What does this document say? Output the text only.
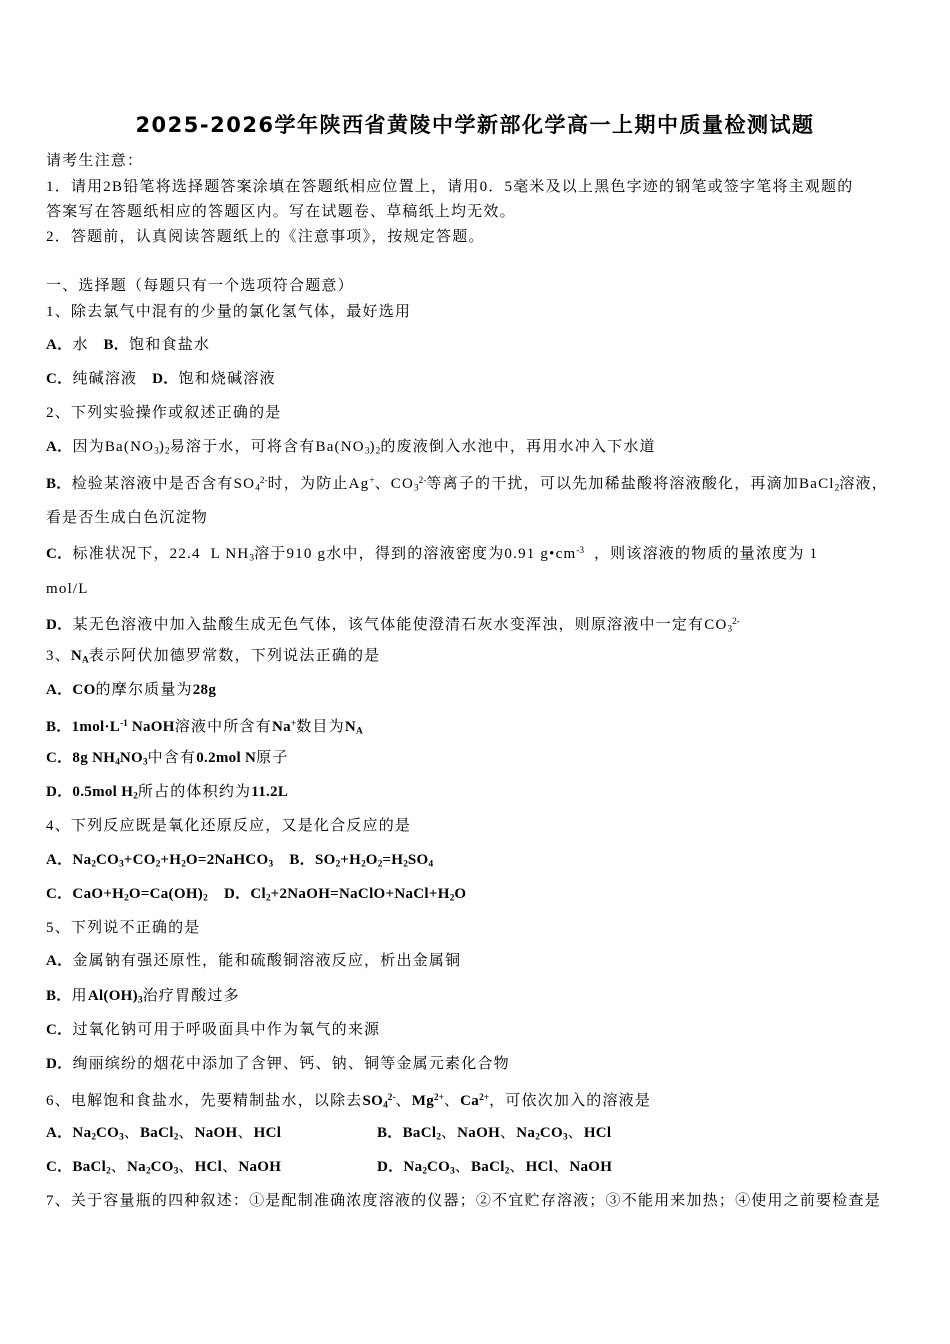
2025-2026学年陕西省黄陵中学新部化学高一上期中质量检测试题
请考生注意：
1．请用2B铅笔将选择题答案涂填在答题纸相应位置上，请用0．5毫米及以上黑色字迹的钢笔或签字笔将主观题的
答案写在答题纸相应的答题区内。写在试题卷、草稿纸上均无效。
2．答题前，认真阅读答题纸上的《注意事项》，按规定答题。
一、选择题（每题只有一个选项符合题意）
1、除去氯气中混有的少量的氯化氢气体，最好选用
A．水   B．饱和食盐水
C．纯碱溶液   D．饱和烧碱溶液
2、下列实验操作或叙述正确的是
A．因为$Ba(NO_3)_2$易溶于水，可将含有$Ba(NO_3)_2$的废液倒入水池中，再用水冲入下水道
B．检验某溶液中是否含有$SO_4^{2-}$时，为防止Ag+、$CO_3^{2-}$等离子的干扰，可以先加稀盐酸将溶液酸化，再滴加BaCl$_2$溶液，
看是否生成白色沉淀物
C．标准状况下，22.4  L $NH_3$溶于910 g水中，得到的溶液密度为0.91 $g•cm^{-3}$  ，则该溶液的物质的量浓度为 1
mol/L
D．某无色溶液中加入盐酸生成无色气体，该气体能使澄清石灰水变浑浊，则原溶液中一定有$CO_3^{2-}$
3、$N_A$表示阿伏加德罗常数，下列说法正确的是
A．CO的摩尔质量为28g
B．$1mol\cdot L^{-1}$ NaOH溶液中所含有Na+数目为$N_A$
C．8g $NH_4NO_3$中含有0.2mol N原子
D．0.5mol $H_2$所占的体积约为11.2L
4、下列反应既是氧化还原反应，又是化合反应的是
A．$Na_2CO_3+CO_2+H_2O=2NaHCO_3$    B．$SO_2+H_2O_2=H_2SO_4$
C．$CaO+H_2O=Ca(OH)_2$    D．$Cl_2+2NaOH=NaClO+NaCl+H_2O$
5、下列说不正确的是
A．金属钠有强还原性，能和硫酸铜溶液反应，析出金属铜
B．用$Al(OH)_3$治疗胃酸过多
C．过氧化钠可用于呼吸面具中作为氧气的来源
D．绚丽缤纷的烟花中添加了含钾、钙、钠、铜等金属元素化合物
6、电解饱和食盐水，先要精制盐水，以除去$SO_4^{2-}$、$Mg^{2+}$、$Ca^{2+}$，可依次加入的溶液是
A．$Na_2CO_3$、BaCl$_2$、NaOH、HCl	B．BaCl$_2$、NaOH、$Na_2CO_3$、HCl
C．BaCl$_2$、$Na_2CO_3$、HCl、NaOH	D．$Na_2CO_3$、BaCl$_2$、HCl、NaOH
7、关于容量瓶的四种叙述：①是配制准确浓度溶液的仪器；②不宜贮存溶液；③不能用来加热；④使用之前要检查是
